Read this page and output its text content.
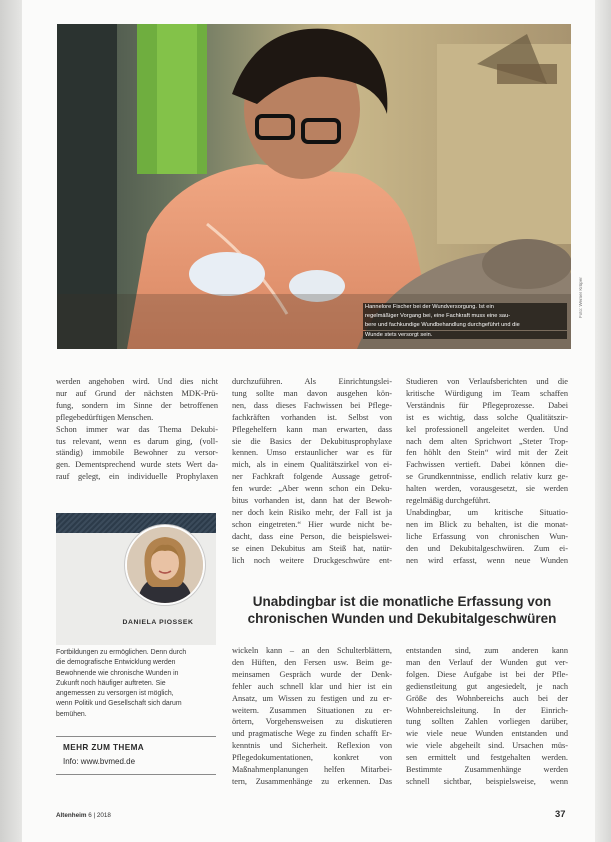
Hannelore Fischer bei der Wundversorgung. Ist ein
regelmäßiger Vorgang bei, eine Fachkraft muss eine sau-
bere und fachkundige Wundbehandlung durchgeführt und die
Wunde stets versorgt sein.
Foto: Werner Krüper
werden angehoben wird. Und dies nicht
nur auf Grund der nächsten MDK-Prü-
fung, sondern im Sinne der betroffenen
pflegebedürftigen Menschen.
Schon immer war das Thema Dekubi-
tus relevant, wenn es darum ging, (voll-
ständig) immobile Bewohner zu versor-
gen. Dementsprechend wurde stets Wert da-
rauf gelegt, ein individuelle Prophylaxen
durchzuführen. Als Einrichtungslei-
tung sollte man davon ausgehen kön-
nen, dass dieses Fachwissen bei Pflege-
fachkräften vorhanden ist. Selbst von
Pflegehelfern kann man erwarten, dass
sie die Basics der Dekubitusprophylaxe
kennen. Umso erstaunlicher war es für
mich, als in einem Qualitätszirkel von ei-
ner Fachkraft folgende Aussage getrof-
fen wurde: „Aber wenn schon ein Deku-
bitus vorhanden ist, dann hat der Bewoh-
ner doch kein Risiko mehr, der Fall ist ja
schon eingetreten.“ Hier wurde nicht be-
dacht, dass eine Person, die beispielswei-
se einen Dekubitus am Steiß hat, natür-
lich noch weitere Druckgeschwüre ent-
Studieren von Verlaufsberichten und die
kritische Würdigung im Team schaffen
Verständnis für Pflegeprozesse. Dabei
ist es wichtig, dass solche Qualitätszir-
kel professionell angeleitet werden. Und
nach dem alten Sprichwort „Steter Trop-
fen höhlt den Stein“ wird mit der Zeit
Fachwissen vertieft. Dabei können die-
se Grundkenntnisse, endlich relativ kurz ge-
halten werden, vorausgesetzt, sie werden
regelmäßig durchgeführt.
Unabdingbar, um kritische Situatio-
nen im Blick zu behalten, ist die monat-
liche Erfassung von chronischen Wun-
den und Dekubitalgeschwüren. Zum ei-
nen wird erfasst, wenn neue Wunden
DANIELA PIOSSEK
Fortbildungen zu ermöglichen. Denn durch
die demografische Entwicklung werden
Bewohnende wie chronische Wunden in
Zukunft noch häufiger auftreten. Sie
angemessen zu versorgen ist möglich,
wenn Politik und Gesellschaft sich darum
bemühen.
MEHR ZUM THEMA
Info: www.bvmed.de
Unabdingbar ist die monatliche Erfassung von
chronischen Wunden und Dekubitalgeschwüren
wickeln kann – an den Schulterblättern,
den Hüften, den Fersen usw. Beim ge-
meinsamen Gespräch wurde der Denk-
fehler auch schnell klar und hier ist ein
Ansatz, um Wissen zu festigen und zu er-
weitern. Zusammen Situationen zu er-
örtern, Vorgehensweisen zu diskutieren
und pragmatische Wege zu finden schafft Er-
kenntnis und Sicherheit. Reflexion von
Pflegedokumentationen, konkret von
Maßnahmenplanungen helfen Mitarbei-
tern, Zusammenhänge zu erkennen. Das
entstanden sind, zum anderen kann
man den Verlauf der Wunden gut ver-
folgen. Diese Aufgabe ist bei der Pfle-
gedienstleitung gut angesiedelt, je nach
Größe des Wohnbereichs auch bei der
Wohnbereichsleitung. In der Einrich-
tung sollten Zahlen vorliegen darüber,
wie viele neue Wunden entstanden und
wie viele abgeheilt sind. Ursachen müs-
sen ermittelt und festgehalten werden.
Bestimmte Zusammenhänge werden
schnell sichtbar, beispielsweise, wenn
Altenheim 6 | 2018	37
